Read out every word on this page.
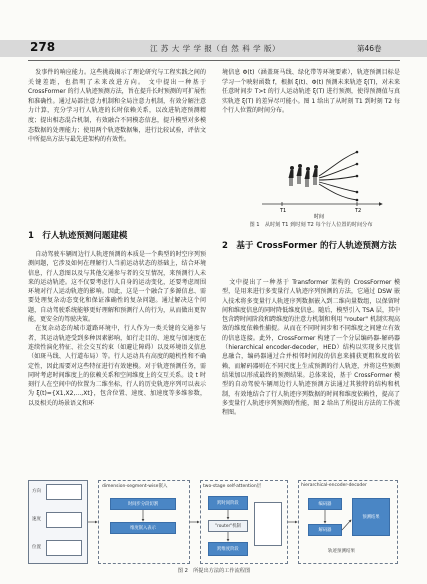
278	江 苏 大 学 学 报（自 然 科 学 版）	第46卷

发事件的响应能力。这些挑战揭示了理论研究与工程实践之间的关键差距，也指明了未来改进方向。 文中提出一种基于 CrossFormer 的行人轨迹预测方法，旨在提升长时预测的可扩展性和准确性。通过局部注意力机制和全局注意力机制，有效分解注意力计算，充分学习行人轨迹的长时依赖关系，以改进轨迹预测精度；提出相态混合机制，有效融合不同模态信息，提升模型对多模态数据的处理能力；使用两个轨迹数据集，进行比较试验，评估文中所提出方法与最先进架构的有效性。

境信息 Φ(t)（涵盖斑马线、绿化带等环境要素），轨迹预测目标是学习一个映射函数 f，根据 ξ(t)、Φ(t) 预测未来轨迹 ξ(T)，对未来任意时间步 T>t 的行人运动轨迹 ξ(T) 进行预测，使得预测值与真实轨迹 ξ(T) 的差异尽可能小。图 1 给出了从时刻 T1 到时刻 T2 每个行人位置的时间分布。

T1	T2
时间
图 1　从时刻 T1 到时刻 T2 每个行人位置的时间分布
1　行人轨迹预测问题建模

自动驾驶车辆周边行人轨迹预测的本质是一个典型的时空序列预测问题，它涉及如何在理解行人当前运动状态的基础上，结合环境信息，行人意图以及与其他交通参与者的交互情况，来预测行人未来的运动轨迹。这不仅要考虑行人自身的运动变化，还要考虑周围环境对行人运动轨迹的影响。因此，这是一个融合了多源信息、需要处理复杂动态变化和保证准确性的复杂问题。通过解决这个问题，自动驾驶系统能够更好理解和预测行人的行为，从而做出更智能，更安全的驾驶决策。

在复杂动态的城市道路环境中，行人作为一类关键的交通参与者，其运动轨迹受到多种因素影响，如行走目的、速度与加速度在连续性演化特征、社会交互约束（如避让障碍）以及环境语义信息（如斑马线、人行道布局）等。行人运动具有高度的随机性和不确定性，因此需要对这些特征进行有效建模。对于轨迹预测任务，需同时考虑时间维度上的依赖关系和空间维度上的交互关系。设 t 时刻行人在空间中的位置为二维坐标，行人的历史轨迹序列可以表示为 ξ(t)={X1,X2,…,Xt}，包含位置、速度、加速度等多维参数，以及相关的场景语义和环

2　基于 CrossFormer 的行人轨迹预测方法

文中提出了一种基于 Transformer 架构的 CrossFormer 模型，是用来进行多变量行人轨迹序列预测的方法，它通过 DSW 嵌入技术将多变量行人轨迹序列数据嵌入到二维向量数组，以保留时间和维度信息的同时降低维度信息。随后，模型引入 TSA 层，其中包含跨时间阶段和跨维度的注意力机制和利用 "router" 机制实现高效的维度依赖性捕捉。从而在不同时间步和不同维度之间建立有效的信息连接。此外，CrossFormer 构建了一个分层编码器-解码器（hierarchical encoder-decoder，HED）结构以实现多尺度信息融合，编码器通过合并相邻时间段的信息来捕获更粗粒度的依赖，而解码器则在不同尺度上生成预测的行人轨迹，并将这些预测结果加以形成最终的预测结果。总体来说，基于 CrossFormer 模型的自动驾驶车辆周边行人轨迹预测方法通过其独特的结构和机制，有效地结合了行人轨迹序列数据的时间和维度依赖性，提高了多变量行人轨迹序列预测的性能，图 2 给出了所提出方法的工作流程图。

方向
速度
位置
dimension-segment-wise嵌入
时间步分段切割
维度嵌入表示
two-stage self-attention层
跨时间阶段
"router"机制
跨维度阶段
hierarchical-encoder-decoder
编码器
解码器
预测结果
轨迹预测结果
图 2　所提出方法的工作流程图
